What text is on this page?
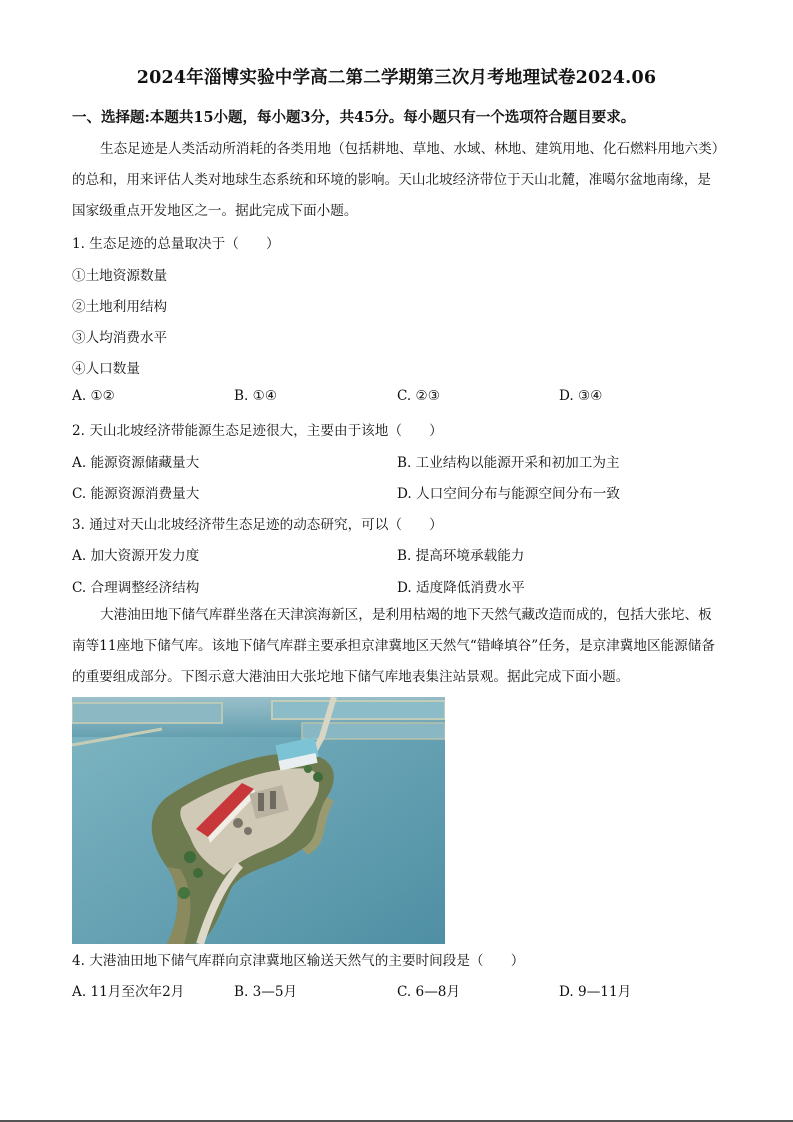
2024年淄博实验中学高二第二学期第三次月考地理试卷2024.06
一、选择题:本题共15小题，每小题3分，共45分。每小题只有一个选项符合题目要求。
生态足迹是人类活动所消耗的各类用地（包括耕地、草地、水域、林地、建筑用地、化石燃料用地六类）的总和，用来评估人类对地球生态系统和环境的影响。天山北坡经济带位于天山北麓，准噶尔盆地南缘，是国家级重点开发地区之一。据此完成下面小题。
1. 生态足迹的总量取决于（　　）
①土地资源数量
②土地利用结构
③人均消费水平
④人口数量
A. ①②	B. ①④	C. ②③	D. ③④
2. 天山北坡经济带能源生态足迹很大，主要由于该地（　　）
A. 能源资源储藏量大	B. 工业结构以能源开采和初加工为主
C. 能源资源消费量大	D. 人口空间分布与能源空间分布一致
3. 通过对天山北坡经济带生态足迹的动态研究，可以（　　）
A. 加大资源开发力度	B. 提高环境承载能力
C. 合理调整经济结构	D. 适度降低消费水平
大港油田地下储气库群坐落在天津滨海新区，是利用枯竭的地下天然气藏改造而成的，包括大张坨、板南等11座地下储气库。该地下储气库群主要承担京津冀地区天然气“错峰填谷”任务，是京津冀地区能源储备的重要组成部分。下图示意大港油田大张坨地下储气库地表集注站景观。据此完成下面小题。
4. 大港油田地下储气库群向京津冀地区输送天然气的主要时间段是（　　）
A. 11月至次年2月	B. 3—5月	C. 6—8月	D. 9—11月
